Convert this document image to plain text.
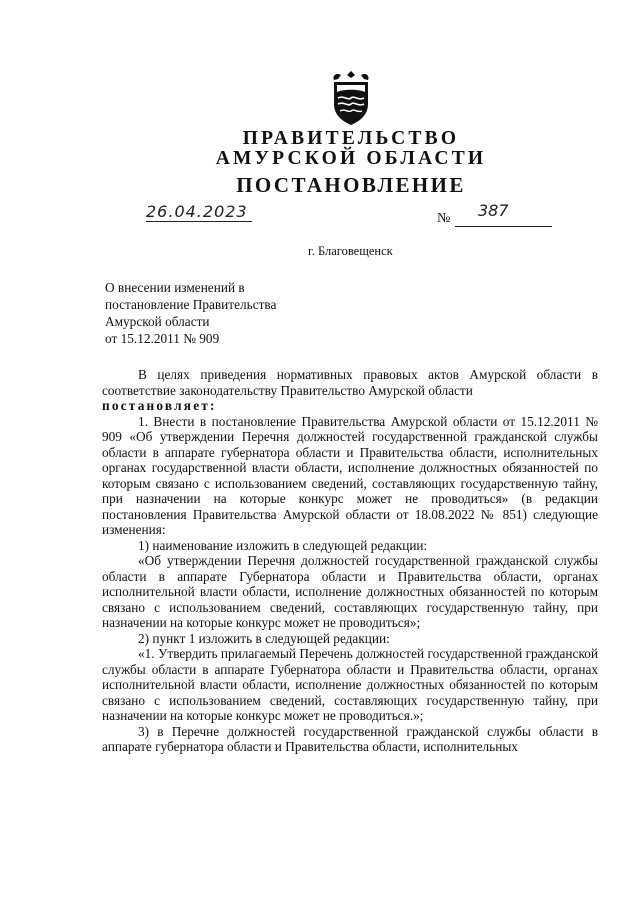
ПРАВИТЕЛЬСТВО
АМУРСКОЙ ОБЛАСТИ
ПОСТАНОВЛЕНИЕ
26.04.2023	№ 387
г. Благовещенск
О внесении изменений в
постановление Правительства
Амурской области
от 15.12.2011 № 909

В целях приведения нормативных правовых актов Амурской области в соответствие законодательству Правительство Амурской области

постановляет:

1. Внести в постановление Правительства Амурской области от 15.12.2011 № 909 «Об утверждении Перечня должностей государственной гражданской службы области в аппарате губернатора области и Правительства области, исполнительных органах государственной власти области, исполнение должностных обязанностей по которым связано с использованием сведений, составляющих государственную тайну, при назначении на которые конкурс может не проводиться» (в редакции постановления Правительства Амурской области от 18.08.2022 № 851) следующие изменения:

1) наименование изложить в следующей редакции:

«Об утверждении Перечня должностей государственной гражданской службы области в аппарате Губернатора области и Правительства области, органах исполнительной власти области, исполнение должностных обязанностей по которым связано с использованием сведений, составляющих государственную тайну, при назначении на которые конкурс может не проводиться»;

2) пункт 1 изложить в следующей редакции:

«1. Утвердить прилагаемый Перечень должностей государственной гражданской службы области в аппарате Губернатора области и Правительства области, органах исполнительной власти области, исполнение должностных обязанностей по которым связано с использованием сведений, составляющих государственную тайну, при назначении на которые конкурс может не проводиться.»;

3) в Перечне должностей государственной гражданской службы области в аппарате губернатора области и Правительства области, исполнительных
